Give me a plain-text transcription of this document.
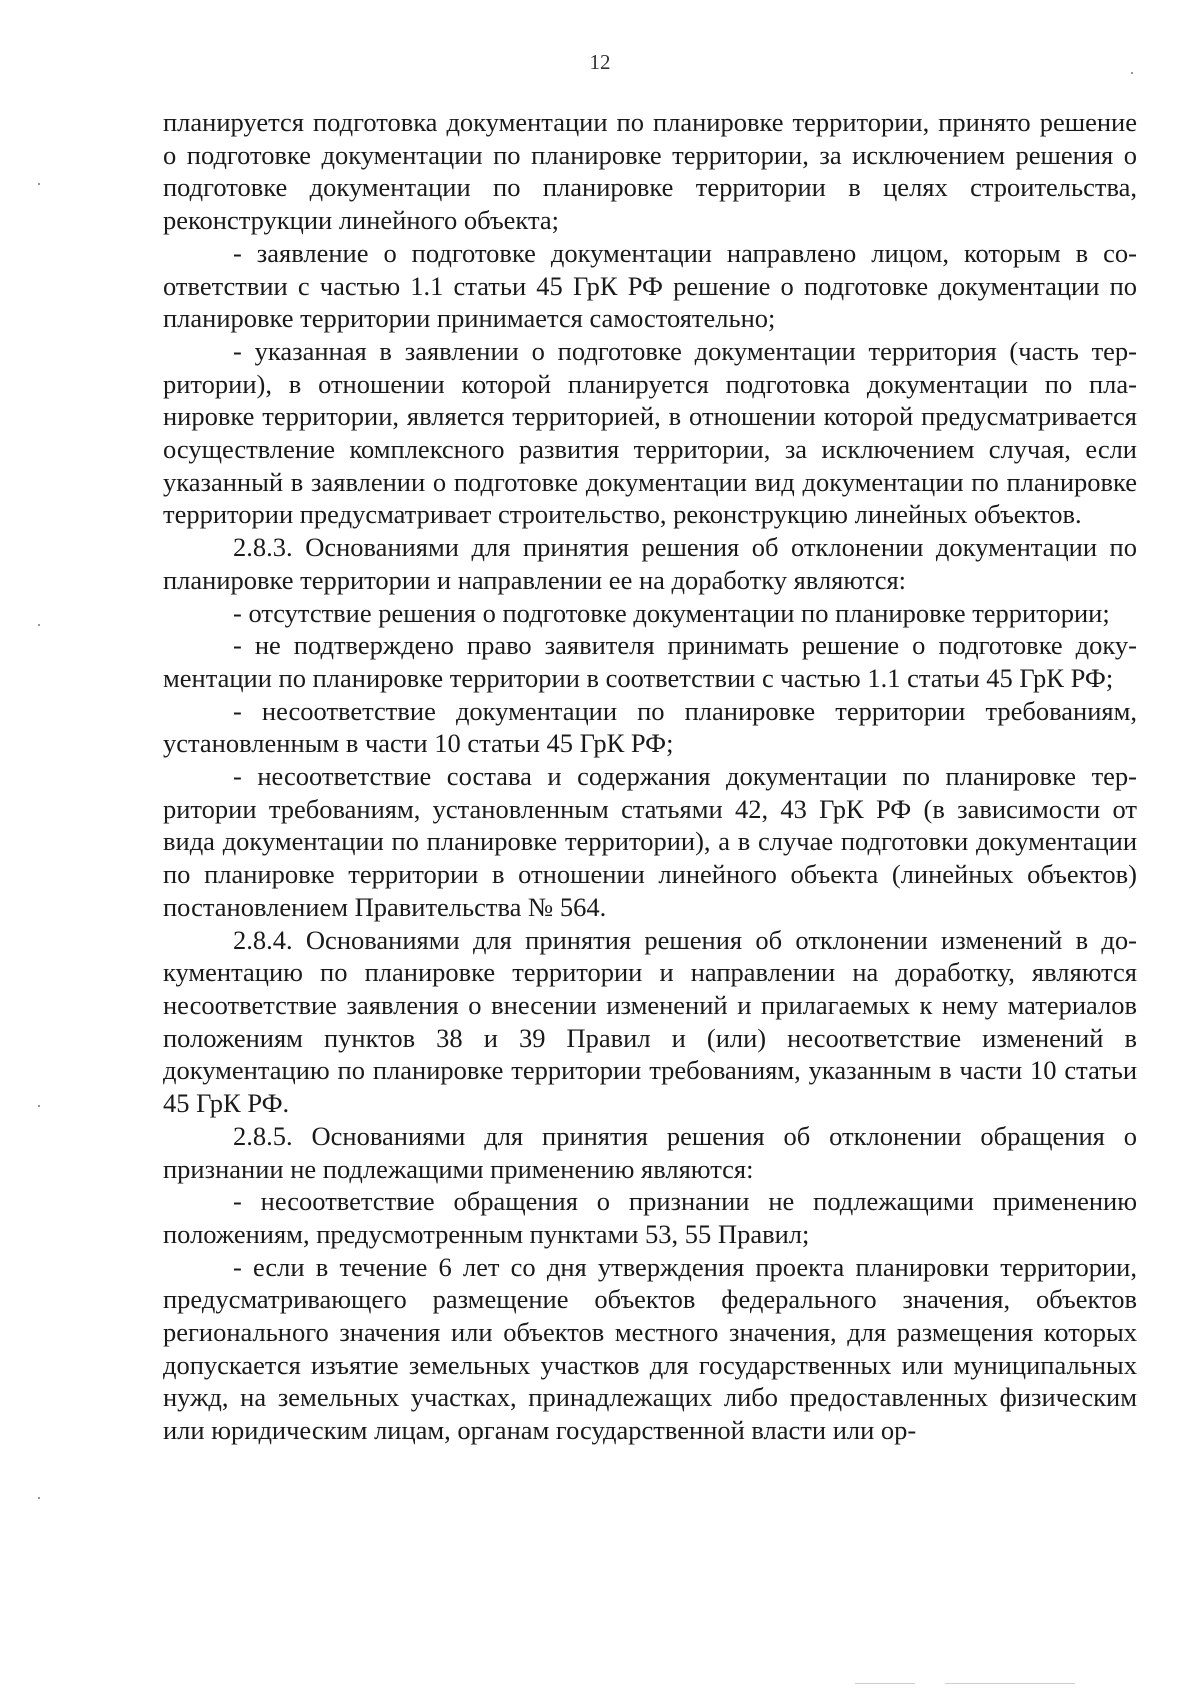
12

планируется подготовка документации по планировке территории, принято решение о подготовке документации по планировке территории, за исключением решения о подготовке документации по планировке территории в целях строительства, реконструкции линейного объекта;

- заявление о подготовке документации направлено лицом, которым в соответствии с частью 1.1 статьи 45 ГрК РФ решение о подготовке документации по планировке территории принимается самостоятельно;

- указанная в заявлении о подготовке документации территория (часть территории), в отношении которой планируется подготовка документации по планировке территории, является территорией, в отношении которой предусматривается осуществление комплексного развития территории, за исключением случая, если указанный в заявлении о подготовке документации вид документации по планировке территории предусматривает строительство, реконструкцию линейных объектов.

2.8.3. Основаниями для принятия решения об отклонении документации по планировке территории и направлении ее на доработку являются:

- отсутствие решения о подготовке документации по планировке территории;

- не подтверждено право заявителя принимать решение о подготовке документации по планировке территории в соответствии с частью 1.1 статьи 45 ГрК РФ;

- несоответствие документации по планировке территории требованиям, установленным в части 10 статьи 45 ГрК РФ;

- несоответствие состава и содержания документации по планировке территории требованиям, установленным статьями 42, 43 ГрК РФ (в зависимости от вида документации по планировке территории), а в случае подготовки документации по планировке территории в отношении линейного объекта (линейных объектов) постановлением Правительства № 564.

2.8.4. Основаниями для принятия решения об отклонении изменений в документацию по планировке территории и направлении на доработку, являются несоответствие заявления о внесении изменений и прилагаемых к нему материалов положениям пунктов 38 и 39 Правил и (или) несоответствие изменений в документацию по планировке территории требованиям, указанным в части 10 статьи 45 ГрК РФ.

2.8.5. Основаниями для принятия решения об отклонении обращения о признании не подлежащими применению являются:

- несоответствие обращения о признании не подлежащими применению положениям, предусмотренным пунктами 53, 55 Правил;

- если в течение 6 лет со дня утверждения проекта планировки территории, предусматривающего размещение объектов федерального значения, объектов регионального значения или объектов местного значения, для размещения которых допускается изъятие земельных участков для государственных или муниципальных нужд, на земельных участках, принадлежащих либо предоставленных физическим или юридическим лицам, органам государственной власти или ор-
